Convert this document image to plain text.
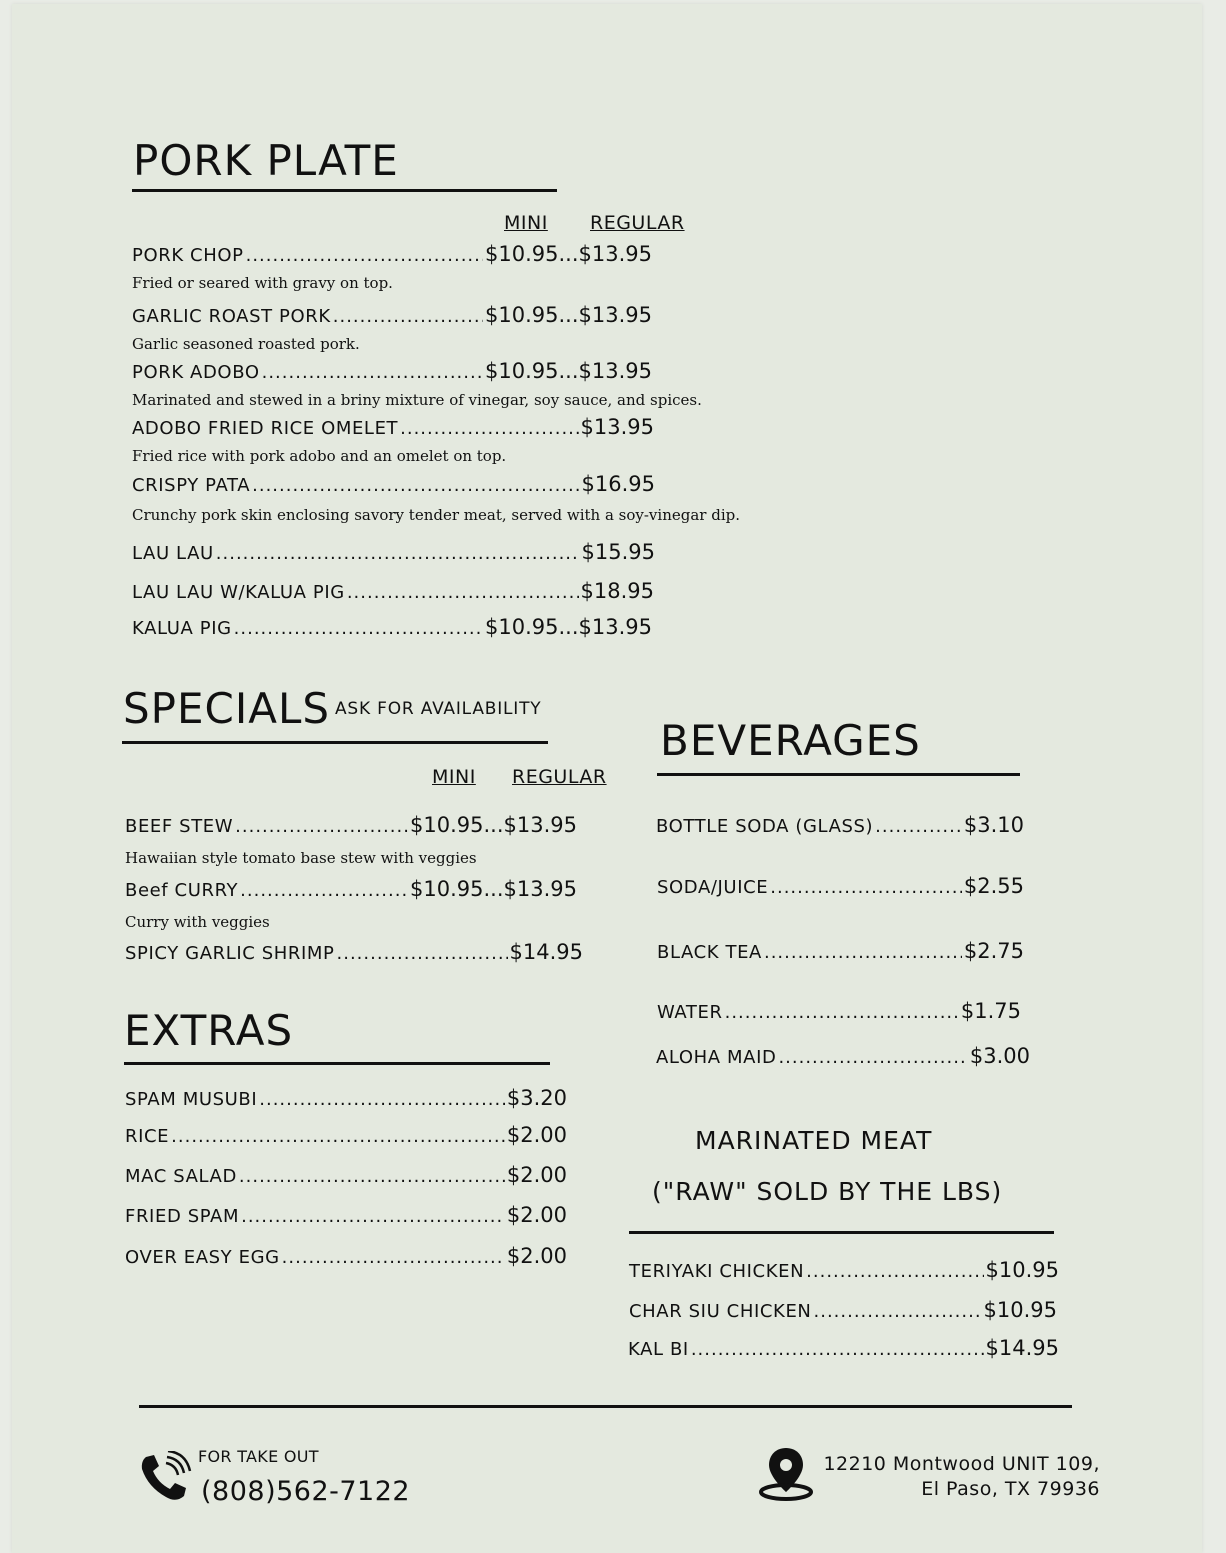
PORK PLATE
MINI REGULAR
PORK CHOP .....	$10.95...$13.95
Fried or seared with gravy on top.
GARLIC ROAST PORK .....	$10.95...$13.95
Garlic seasoned roasted pork.
PORK ADOBO .....	$10.95...$13.95
Marinated and stewed in a briny mixture of vinegar, soy sauce, and spices.
ADOBO FRIED RICE OMELET .....	$13.95
Fried rice with pork adobo and an omelet on top.
CRISPY PATA .....	$16.95
Crunchy pork skin enclosing savory tender meat, served with a soy-vinegar dip.
LAU LAU .....	$15.95
LAU LAU W/KALUA PIG .....	$18.95
KALUA PIG .....	$10.95...$13.95
SPECIALS ASK FOR AVAILABILITY
MINI REGULAR
BEEF STEW .....	$10.95...$13.95
Hawaiian style tomato base stew with veggies
Beef CURRY .....	$10.95...$13.95
Curry with veggies
SPICY GARLIC SHRIMP .....	$14.95
EXTRAS
SPAM MUSUBI .....	$3.20
RICE .....	$2.00
MAC SALAD .....	$2.00
FRIED SPAM .....	$2.00
OVER EASY EGG .....	$2.00
BEVERAGES
BOTTLE SODA (GLASS) .....	$3.10
SODA/JUICE .....	$2.55
BLACK TEA .....	$2.75
WATER .....	$1.75
ALOHA MAID .....	$3.00
MARINATED MEAT
("RAW" SOLD BY THE LBS)
TERIYAKI CHICKEN .....	$10.95
CHAR SIU CHICKEN .....	$10.95
KAL BI .....	$14.95
FOR TAKE OUT
(808)562-7122
12210 Montwood UNIT 109,
El Paso, TX 79936
